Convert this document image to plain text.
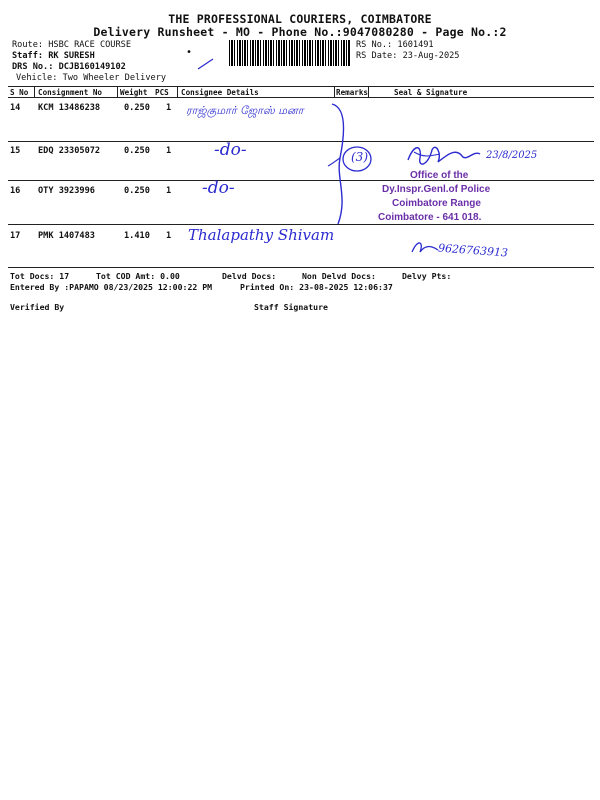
THE PROFESSIONAL COURIERS, COIMBATORE
Delivery Runsheet - MO - Phone No.:9047080280 - Page No.:2
Route: HSBC RACE COURSE
Staff: RK SURESH
DRS No.: DCJB160149102
Vehicle: Two Wheeler Delivery
•
RS No.: 1601491
RS Date: 23-Aug-2025
S No Consignment No Weight PCS Consignee Details	Remarks	Seal & Signature
14 KCM 13486238	0.250 1 ராஜ்குமார் ஜோஸ் மனா
15 EDQ 23305072	0.250 1	-do-
16 OTY 3923996	0.250 1 -do-
17 PMK 1407483	1.410 1 Thalapathy Shivam
(3)	23/8/2025
Office of the
Dy.Inspr.Genl.of Police
Coimbatore Range
Coimbatore - 641 018.
9626763913
Tot Docs: 17	Tot COD Amt: 0.00	Delvd Docs:	Non Delvd Docs:	Delvy Pts:
Entered By :PAPAMO 08/23/2025 12:00:22 PM	Printed On: 23-08-2025 12:06:37
Verified By	Staff Signature
